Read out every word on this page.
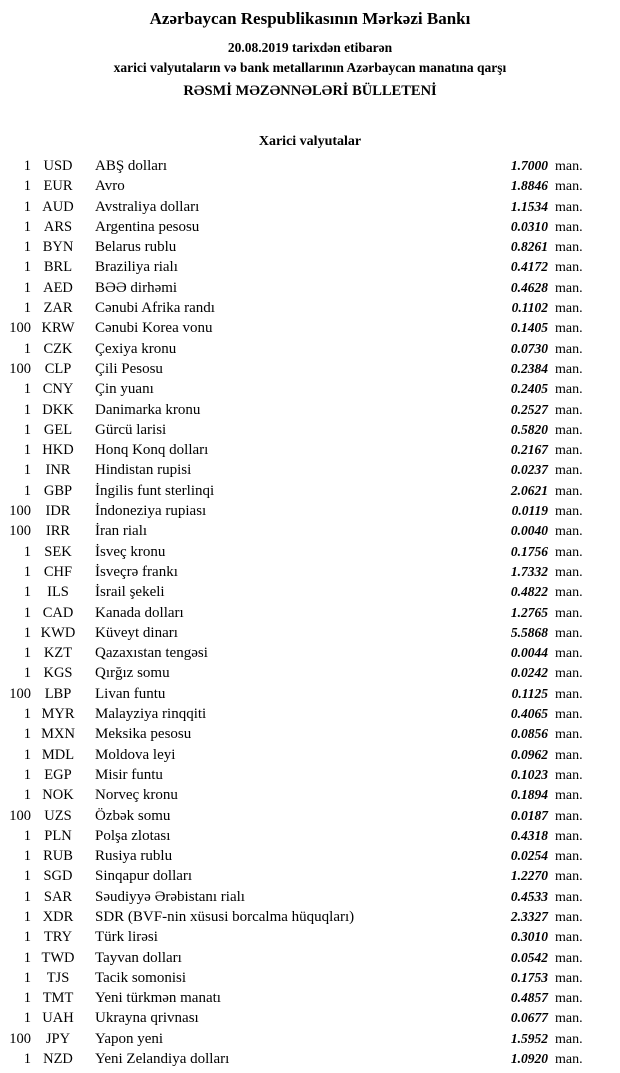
Azərbaycan Respublikasının Mərkəzi Bankı
20.08.2019 tarixdən etibarən
xarici valyutaların və bank metallarının Azərbaycan manatına qarşı
RƏSMİ MƏZƏNNƏLƏRİ BÜLLETENİ
Xarici valyutalar
1 USD	ABŞ dolları	1.7000 man.
1 EUR	Avro	1.8846 man.
1 AUD	Avstraliya dolları	1.1534 man.
1 ARS	Argentina pesosu	0.0310 man.
1 BYN	Belarus rublu	0.8261 man.
1 BRL	Braziliya rialı	0.4172 man.
1 AED	BƏƏ dirhəmi	0.4628 man.
1 ZAR	Cənubi Afrika randı	0.1102 man.
100 KRW	Cənubi Korea vonu	0.1405 man.
1 CZK	Çexiya kronu	0.0730 man.
100 CLP	Çili Pesosu	0.2384 man.
1 CNY	Çin yuanı	0.2405 man.
1 DKK	Danimarka kronu	0.2527 man.
1 GEL	Gürcü larisi	0.5820 man.
1 HKD	Honq Konq dolları	0.2167 man.
1	INR	Hindistan rupisi	0.0237 man.
1 GBP	İngilis funt sterlinqi	2.0621 man.
100	IDR	İndoneziya rupiası	0.0119 man.
100	IRR	İran rialı	0.0040 man.
1 SEK	İsveç kronu	0.1756 man.
1 CHF	İsveçrə frankı	1.7332 man.
1	ILS	İsrail şekeli	0.4822 man.
1 CAD	Kanada dolları	1.2765 man.
1 KWD	Küveyt dinarı	5.5868 man.
1 KZT	Qazaxıstan tengəsi	0.0044 man.
1 KGS	Qırğız somu	0.0242 man.
100 LBP	Livan funtu	0.1125 man.
1 MYR	Malayziya rinqqiti	0.4065 man.
1 MXN	Meksika pesosu	0.0856 man.
1 MDL	Moldova leyi	0.0962 man.
1 EGP	Misir funtu	0.1023 man.
1 NOK	Norveç kronu	0.1894 man.
100 UZS	Özbək somu	0.0187 man.
1 PLN	Polşa zlotası	0.4318 man.
1 RUB	Rusiya rublu	0.0254 man.
1 SGD	Sinqapur dolları	1.2270 man.
1 SAR	Səudiyyə Ərəbistanı rialı	0.4533 man.
1 XDR	SDR (BVF-nin xüsusi borcalma hüquqları)	2.3327 man.
1 TRY	Türk lirəsi	0.3010 man.
1 TWD	Tayvan dolları	0.0542 man.
1	TJS	Tacik somonisi	0.1753 man.
1 TMT	Yeni türkmən manatı	0.4857 man.
1 UAH	Ukrayna qrivnası	0.0677 man.
100	JPY	Yapon yeni	1.5952 man.
1 NZD	Yeni Zelandiya dolları	1.0920 man.
